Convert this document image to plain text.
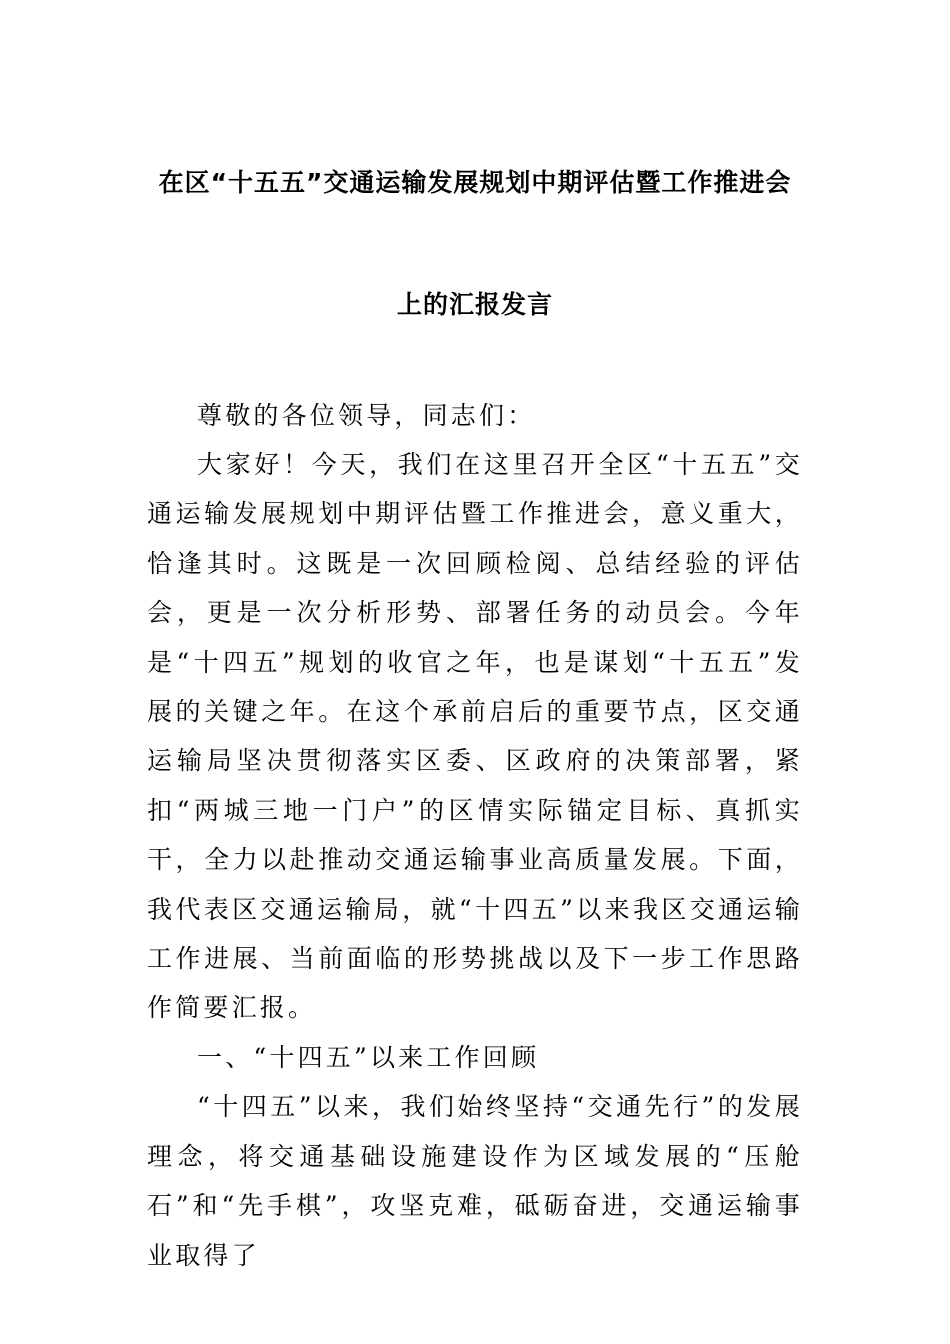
在区“十五五”交通运输发展规划中期评估暨工作推进会
上的汇报发言

尊敬的各位领导，同志们：

大家好！今天，我们在这里召开全区“十五五”交通运输发展规划中期评估暨工作推进会，意义重大，恰逢其时。这既是一次回顾检阅、总结经验的评估会，更是一次分析形势、部署任务的动员会。今年是“十四五”规划的收官之年，也是谋划“十五五”发展的关键之年。在这个承前启后的重要节点，区交通运输局坚决贯彻落实区委、区政府的决策部署，紧扣“两城三地一门户”的区情实际锚定目标、真抓实干，全力以赴推动交通运输事业高质量发展。下面，我代表区交通运输局，就“十四五”以来我区交通运输工作进展、当前面临的形势挑战以及下一步工作思路作简要汇报。

一、“十四五”以来工作回顾

“十四五”以来，我们始终坚持“交通先行”的发展理念，将交通基础设施建设作为区域发展的“压舱石”和“先手棋”，攻坚克难，砥砺奋进，交通运输事业取得了
